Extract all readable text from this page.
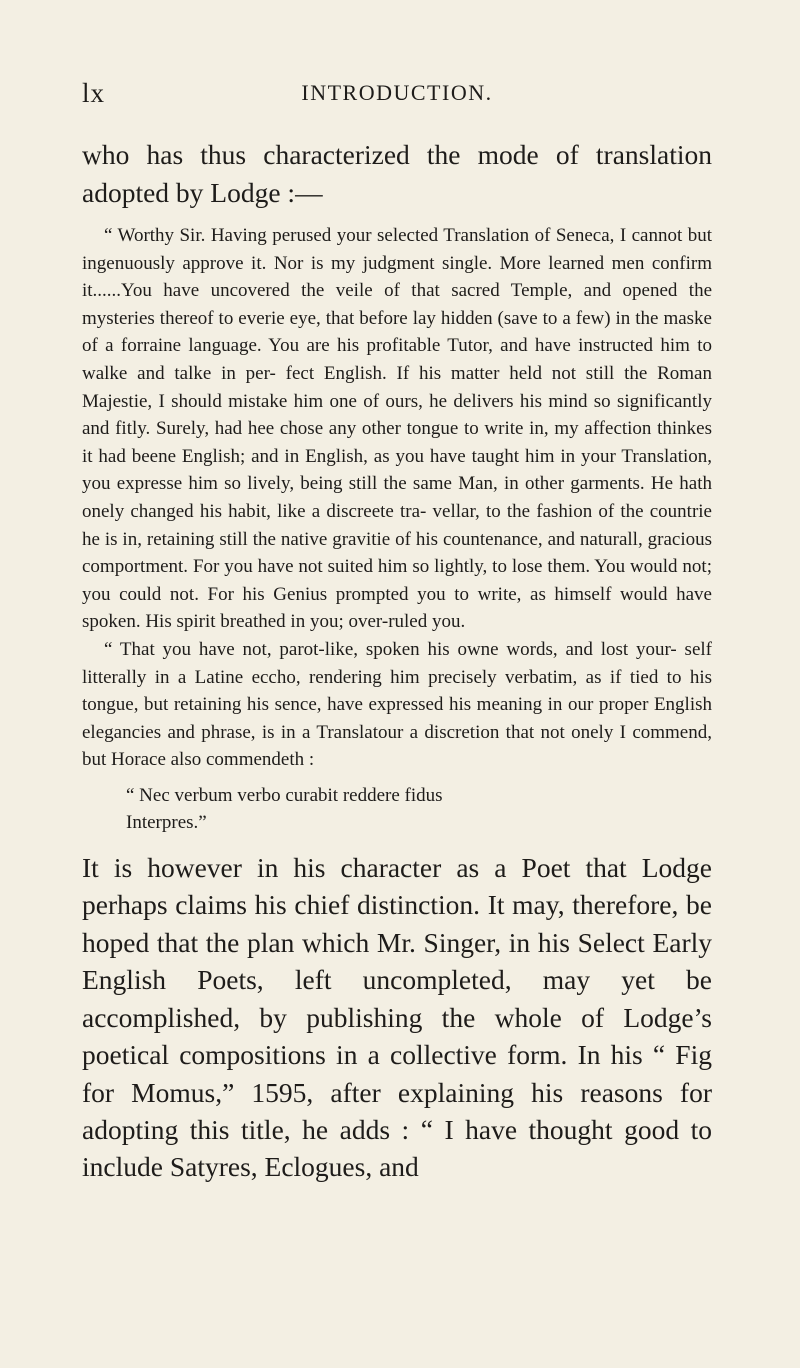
lx	INTRODUCTION.

who has thus characterized the mode of translation adopted by Lodge :—

“ Worthy Sir. Having perused your selected Translation of Seneca, I cannot but ingenuously approve it. Nor is my judgment single. More learned men confirm it......You have uncovered the veile of that sacred Temple, and opened the mysteries thereof to everie eye, that before lay hidden (save to a few) in the maske of a forraine language. You are his profitable Tutor, and have instructed him to walke and talke in per- fect English. If his matter held not still the Roman Majestie, I should mistake him one of ours, he delivers his mind so significantly and fitly. Surely, had hee chose any other tongue to write in, my affection thinkes it had beene English; and in English, as you have taught him in your Translation, you expresse him so lively, being still the same Man, in other garments. He hath onely changed his habit, like a discreete tra- vellar, to the fashion of the countrie he is in, retaining still the native gravitie of his countenance, and naturall, gracious comportment. For you have not suited him so lightly, to lose them. You would not; you could not. For his Genius prompted you to write, as himself would have spoken. His spirit breathed in you; over-ruled you.

“ That you have not, parot-like, spoken his owne words, and lost your- self litterally in a Latine eccho, rendering him precisely verbatim, as if tied to his tongue, but retaining his sence, have expressed his meaning in our proper English elegancies and phrase, is in a Translatour a discretion that not onely I commend, but Horace also commendeth :

“ Nec verbum verbo curabit reddere fidus
Interpres.”

It is however in his character as a Poet that Lodge perhaps claims his chief distinction. It may, therefore, be hoped that the plan which Mr. Singer, in his Select Early English Poets, left uncompleted, may yet be accomplished, by publishing the whole of Lodge’s poetical compositions in a collective form. In his “ Fig for Momus,” 1595, after explaining his reasons for adopting this title, he adds : “ I have thought good to include Satyres, Eclogues, and
